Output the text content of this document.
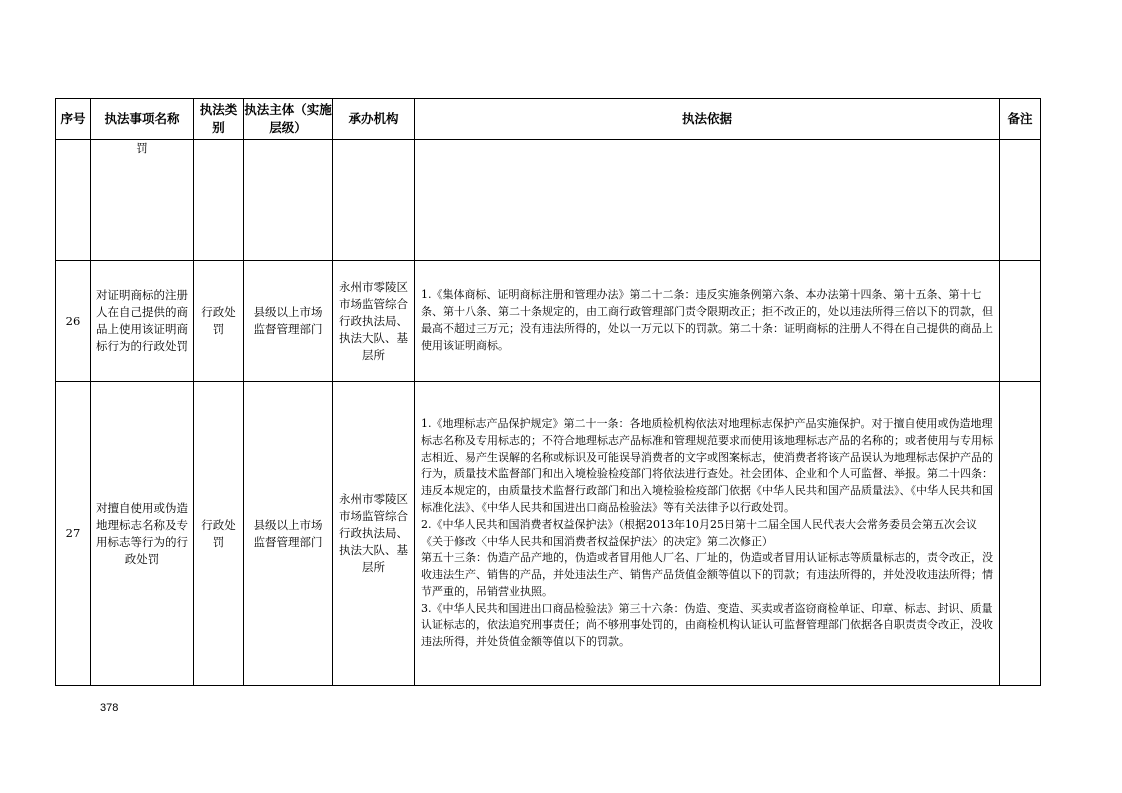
序号	执法事项名称	执法类别	执法主体（实施层级）	承办机构	执法依据	备注

	罚					

26	对证明商标的注册人在自己提供的商品上使用该证明商标行为的行政处罚	行政处罚	县级以上市场监督管理部门	永州市零陵区市场监管综合行政执法局、执法大队、基层所	1.《集体商标、证明商标注册和管理办法》第二十二条：违反实施条例第六条、本办法第十四条、第十五条、第十七条、第十八条、第二十条规定的，由工商行政管理部门责令限期改正；拒不改正的，处以违法所得三倍以下的罚款，但最高不超过三万元；没有违法所得的，处以一万元以下的罚款。第二十条：证明商标的注册人不得在自己提供的商品上使用该证明商标。	

27	对擅自使用或伪造地理标志名称及专用标志等行为的行政处罚	行政处罚	县级以上市场监督管理部门	永州市零陵区市场监管综合行政执法局、执法大队、基层所	1.《地理标志产品保护规定》第二十一条：各地质检机构依法对地理标志保护产品实施保护。对于擅自使用或伪造地理标志名称及专用标志的；不符合地理标志产品标准和管理规范要求而使用该地理标志产品的名称的；或者使用与专用标志相近、易产生误解的名称或标识及可能误导消费者的文字或图案标志，使消费者将该产品误认为地理标志保护产品的行为，质量技术监督部门和出入境检验检疫部门将依法进行查处。社会团体、企业和个人可监督、举报。第二十四条：违反本规定的，由质量技术监督行政部门和出入境检验检疫部门依据《中华人民共和国产品质量法》、《中华人民共和国标准化法》、《中华人民共和国进出口商品检验法》等有关法律予以行政处罚。
2.《中华人民共和国消费者权益保护法》（根据2013年10月25日第十二届全国人民代表大会常务委员会第五次会议《关于修改〈中华人民共和国消费者权益保护法〉的决定》第二次修正）
第五十三条：伪造产品产地的，伪造或者冒用他人厂名、厂址的，伪造或者冒用认证标志等质量标志的，责令改正，没收违法生产、销售的产品，并处违法生产、销售产品货值金额等值以下的罚款；有违法所得的，并处没收违法所得；情节严重的，吊销营业执照。
3.《中华人民共和国进出口商品检验法》第三十六条：伪造、变造、买卖或者盗窃商检单证、印章、标志、封识、质量认证标志的，依法追究刑事责任；尚不够刑事处罚的，由商检机构认证认可监督管理部门依据各自职责责令改正，没收违法所得，并处货值金额等值以下的罚款。	

378
